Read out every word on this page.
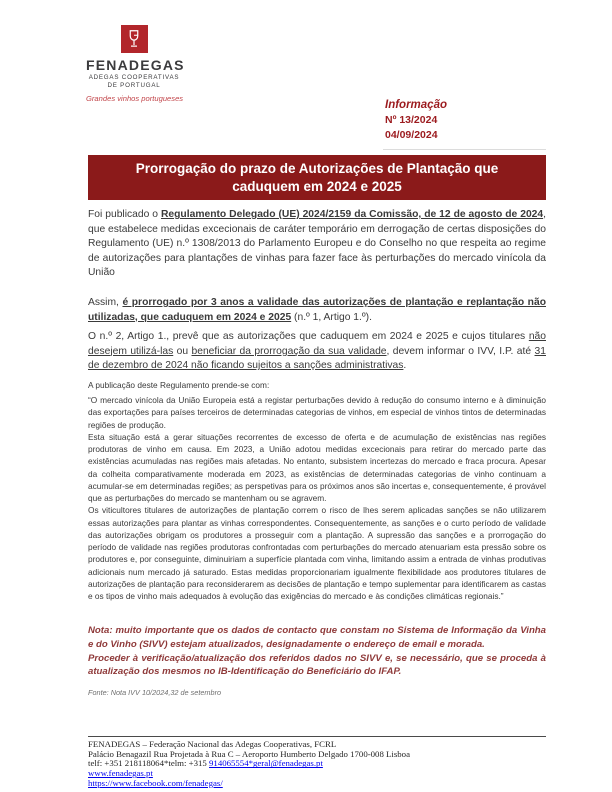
FENADEGAS
ADEGAS COOPERATIVAS
DE PORTUGAL
Grandes vinhos portugueses
Informação
Nº 13/2024
04/09/2024
Prorrogação do prazo de Autorizações de Plantação que caduquem em 2024 e 2025

Foi publicado o Regulamento Delegado (UE) 2024/2159 da Comissão, de 12 de agosto de 2024, que estabelece medidas excecionais de caráter temporário em derrogação de certas disposições do Regulamento (UE) n.º 1308/2013 do Parlamento Europeu e do Conselho no que respeita ao regime de autorizações para plantações de vinhas para fazer face às perturbações do mercado vinícola da União

Assim, é prorrogado por 3 anos a validade das autorizações de plantação e replantação não utilizadas, que caduquem em 2024 e 2025 (n.º 1, Artigo 1.º).

O n.º 2, Artigo 1., prevê que as autorizações que caduquem em 2024 e 2025 e cujos titulares não desejem utilizá-las ou beneficiar da prorrogação da sua validade, devem informar o IVV, I.P. até 31 de dezembro de 2024 não ficando sujeitos a sanções administrativas.

A publicação deste Regulamento prende-se com:

“O mercado vinícola da União Europeia está a registar perturbações devido à redução do consumo interno e à diminuição das exportações para países terceiros de determinadas categorias de vinhos, em especial de vinhos tintos de determinadas regiões de produção.

Esta situação está a gerar situações recorrentes de excesso de oferta e de acumulação de existências nas regiões produtoras de vinho em causa. Em 2023, a União adotou medidas excecionais para retirar do mercado parte das existências acumuladas nas regiões mais afetadas. No entanto, subsistem incertezas do mercado e fraca procura. Apesar da colheita comparativamente moderada em 2023, as existências de determinadas categorias de vinho continuam a acumular-se em determinadas regiões; as perspetivas para os próximos anos são incertas e, consequentemente, é provável que as perturbações do mercado se mantenham ou se agravem.

Os viticultores titulares de autorizações de plantação correm o risco de lhes serem aplicadas sanções se não utilizarem essas autorizações para plantar as vinhas correspondentes. Consequentemente, as sanções e o curto período de validade das autorizações obrigam os produtores a prosseguir com a plantação. A supressão das sanções e a prorrogação do período de validade nas regiões produtoras confrontadas com perturbações do mercado atenuariam esta pressão sobre os produtores e, por conseguinte, diminuiriam a superfície plantada com vinha, limitando assim a entrada de vinhas produtivas adicionais num mercado já saturado. Estas medidas proporcionariam igualmente flexibilidade aos produtores titulares de autorizações de plantação para reconsiderarem as decisões de plantação e tempo suplementar para identificarem as castas e os tipos de vinho mais adequados à evolução das exigências do mercado e às condições climáticas regionais.”

Nota: muito importante que os dados de contacto que constam no Sistema de Informação da Vinha e do Vinho (SIVV) estejam atualizados, designadamente o endereço de email e morada.

Proceder à verificação/atualização dos referidos dados no SIVV e, se necessário, que se proceda à atualização dos mesmos no IB-Identificação do Beneficiário do IFAP.

Fonte: Nota IVV 10/2024,32 de setembro
FENADEGAS – Federação Nacional das Adegas Cooperativas, FCRL
Palácio Benagazil Rua Projetada à Rua C – Aeroporto Humberto Delgado 1700-008 Lisboa
telf: +351 218118064*telm: +315 914065554*geral@fenadegas.pt
www.fenadegas.pt
https://www.facebook.com/fenadegas/
